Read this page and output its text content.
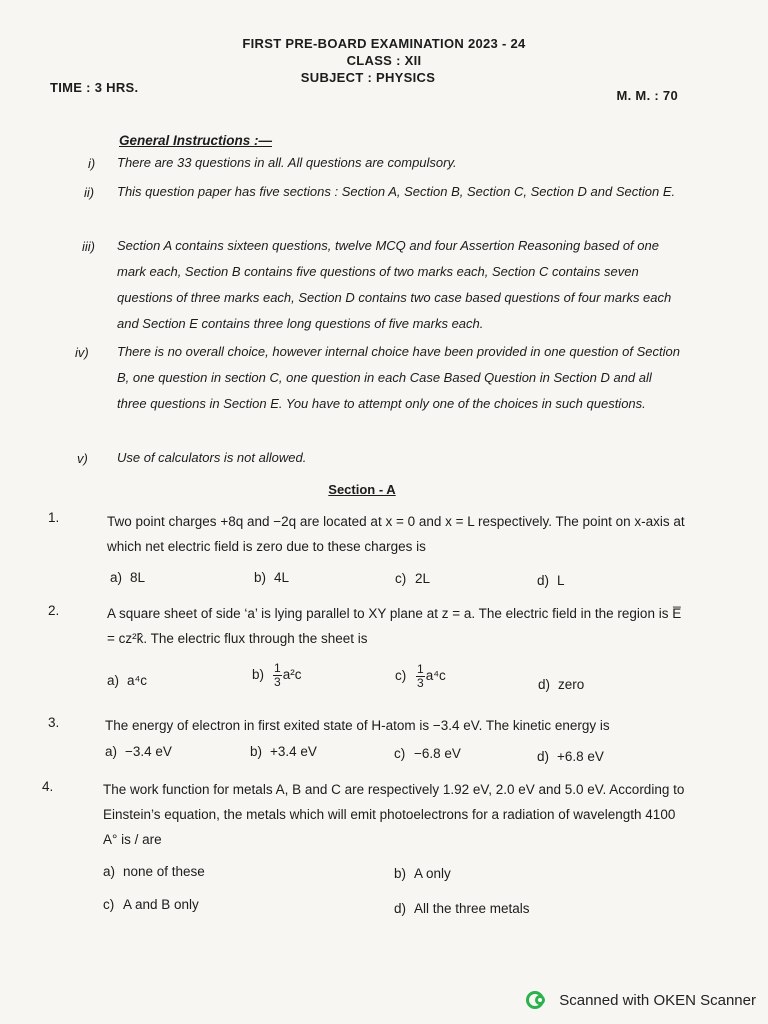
FIRST PRE-BOARD EXAMINATION 2023 - 24
CLASS : XII
SUBJECT : PHYSICS
TIME : 3 HRS.
M. M. : 70
General Instructions :—
i)	There are 33 questions in all. All questions are compulsory.
ii)	This question paper has five sections : Section A, Section B, Section C, Section D and Section E.
iii)	Section A contains sixteen questions, twelve MCQ and four Assertion Reasoning based of one mark each, Section B contains five questions of two marks each, Section C contains seven questions of three marks each, Section D contains two case based questions of four marks each and Section E contains three long questions of five marks each.
iv)	There is no overall choice, however internal choice have been provided in one question of Section B, one question in section C, one question in each Case Based Question in Section D and all three questions in Section E. You have to attempt only one of the choices in such questions.
v)	Use of calculators is not allowed.
Section - A
1.	Two point charges +8q and −2q are located at x = 0 and x = L respectively. The point on x-axis at which net electric field is zero due to these charges is
a) 8L	b) 4L	c) 2L	d) L
2.	A square sheet of side ‘a’ is lying parallel to XY plane at z = a. The electric field in the region is E̅ = cz²k̂. The electric flux through the sheet is
a) a⁴c	$b) \frac{1}{3} a^2c$	$c) \frac{1}{3} a^4c$
d) zero
3.	The energy of electron in first exited state of H-atom is −3.4 eV. The kinetic energy is
a) −3.4 eV	b) +3.4 eV	c) −6.8 eV	d) +6.8 eV
4.	The work function for metals A, B and C are respectively 1.92 eV, 2.0 eV and 5.0 eV. According to Einstein’s equation, the metals which will emit photoelectrons for a radiation of wavelength 4100 A° is / are
a) none of these	b) A only
c) A and B only	d) All the three metals
Scanned with OKEN Scanner
